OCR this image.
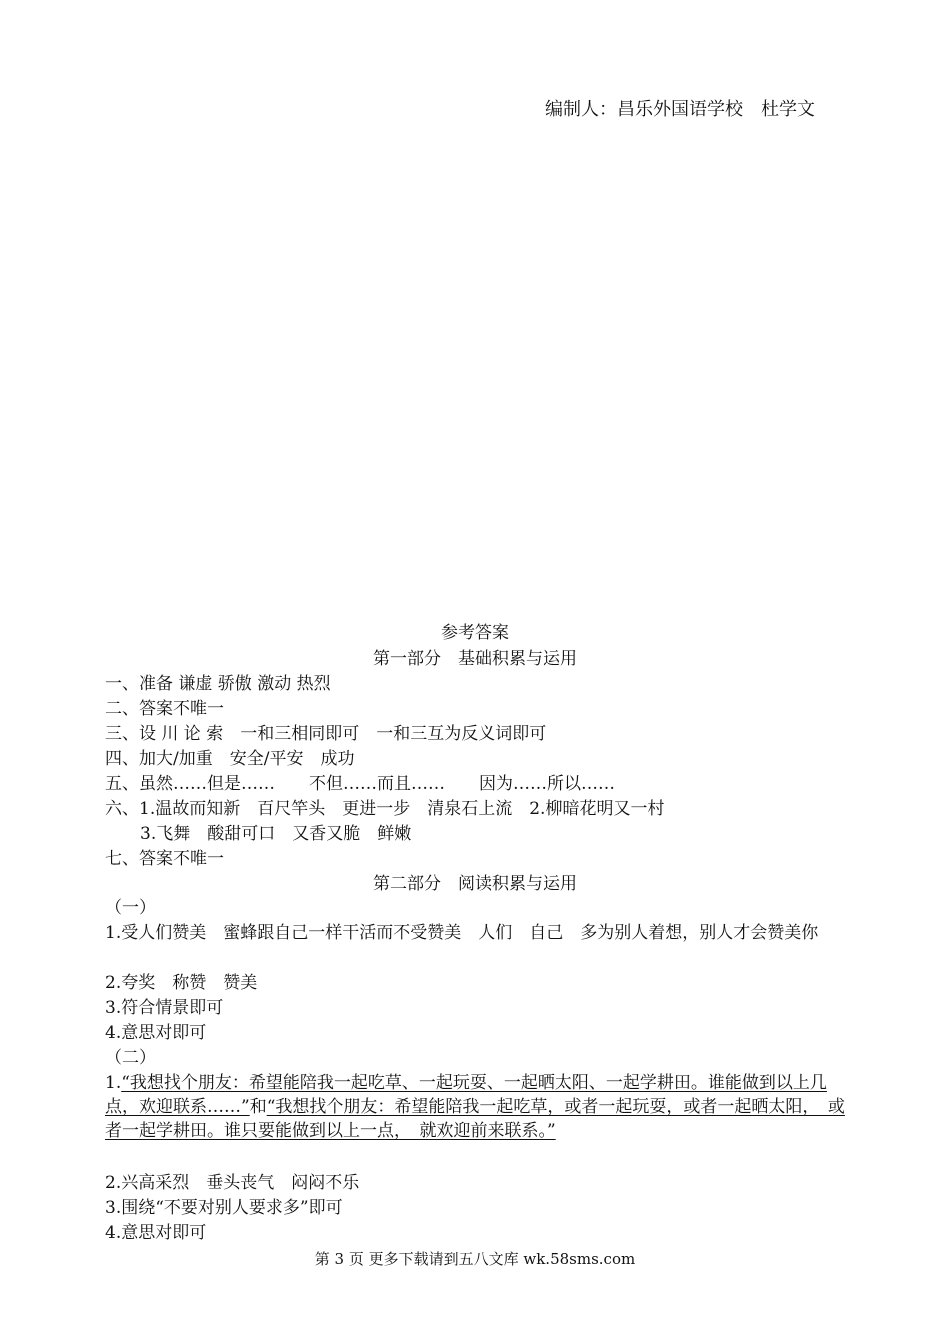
编制人：昌乐外国语学校　杜学文
参考答案
第一部分　基础积累与运用
一、准备 谦虚 骄傲 激动 热烈
二、答案不唯一
三、设 川 论 索　一和三相同即可　一和三互为反义词即可
四、加大/加重　安全/平安　成功
五、虽然……但是……　　不但……而且……　　因为……所以……
六、1.温故而知新　百尺竿头　更进一步　清泉石上流　2.柳暗花明又一村
3.飞舞　酸甜可口　又香又脆　鲜嫩
七、答案不唯一
第二部分　阅读积累与运用
（一）
1.受人们赞美　蜜蜂跟自己一样干活而不受赞美　人们　自己　多为别人着想，别人才会赞美你
2.夸奖　称赞　赞美
3.符合情景即可
4.意思对即可
（二）
1.“我想找个朋友：希望能陪我一起吃草、一起玩耍、一起晒太阳、一起学耕田。谁能做到以上几点，欢迎联系……”和“我想找个朋友：希望能陪我一起吃草，或者一起玩耍，或者一起晒太阳，　或者一起学耕田。谁只要能做到以上一点，　就欢迎前来联系。”
2.兴高采烈　垂头丧气　闷闷不乐
3.围绕“不要对别人要求多”即可
4.意思对即可
第 3 页 更多下载请到五八文库 wk.58sms.com
